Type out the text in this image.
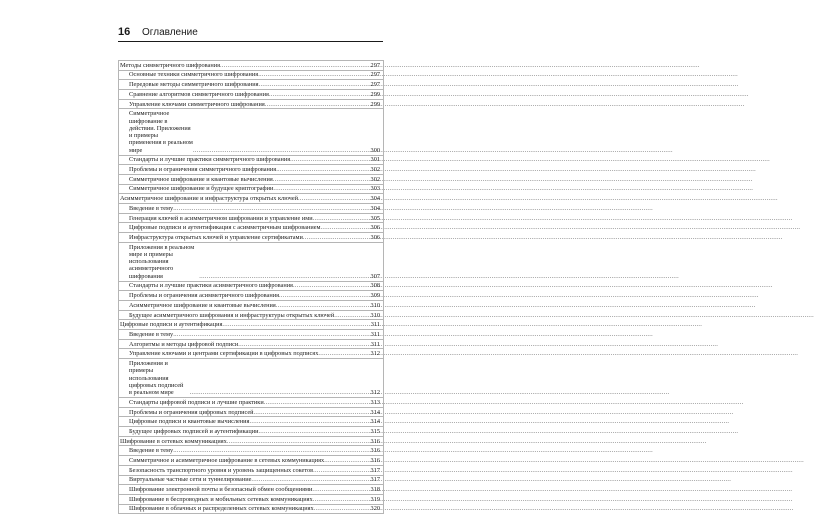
16 Оглавление
Методы симметричного шифрования .....	297
Основные техники симметричного шифрования .....	297
Передовые методы симметричного шифрования .....	297
Сравнение алгоритмов симметричного шифрования .....	299
Управление ключами симметричного шифрования .....	299
Симметричное шифрование в действии. Приложения и примеры
применения в реальном мире .....	300
Стандарты и лучшие практики симметричного шифрования .....	301
Проблемы и ограничения симметричного шифрования .....	302
Симметричное шифрование и квантовые вычисления .....	302
Симметричное шифрование и будущее криптографии .....	303
Асимметричное шифрование и инфраструктура открытых ключей .....	304
Введение в тему .....	304
Генерация ключей в асимметричном шифровании и управление ими .....	305
Цифровые подписи и аутентификация с асимметричным шифрованием .....	306
Инфраструктура открытых ключей и управление сертификатами .....	306
Приложения в реальном мире и примеры использования асимметричного
шифрования .....	307
Стандарты и лучшие практики асимметричного шифрования .....	308
Проблемы и ограничения асимметричного шифрования .....	309
Асимметричное шифрование и квантовые вычисления .....	310
Будущее асимметричного шифрования и инфраструктуры открытых ключей .....	310
Цифровые подписи и аутентификация .....	311
Введение в тему .....	311
Алгоритмы и методы цифровой подписи .....	311
Управление ключами и центрами сертификации в цифровых подписях .....	312
Приложения и примеры использования цифровых подписей
в реальном мире .....	312
Стандарты цифровой подписи и лучшие практики .....	313
Проблемы и ограничения цифровых подписей .....	314
Цифровые подписи и квантовые вычисления .....	314
Будущее цифровых подписей и аутентификации .....	315
Шифрование в сетевых коммуникациях .....	316
Введение в тему .....	316
Симметричное и асимметричное шифрование в сетевых коммуникациях .....	316
Безопасность транспортного уровня и уровень защищенных сокетов .....	317
Виртуальные частные сети и туннелирование .....	317
Шифрование электронной почты и безопасный обмен сообщениями .....	318
Шифрование в беспроводных и мобильных сетевых коммуникациях .....	319
Шифрование в облачных и распределенных сетевых коммуникациях .....	320
